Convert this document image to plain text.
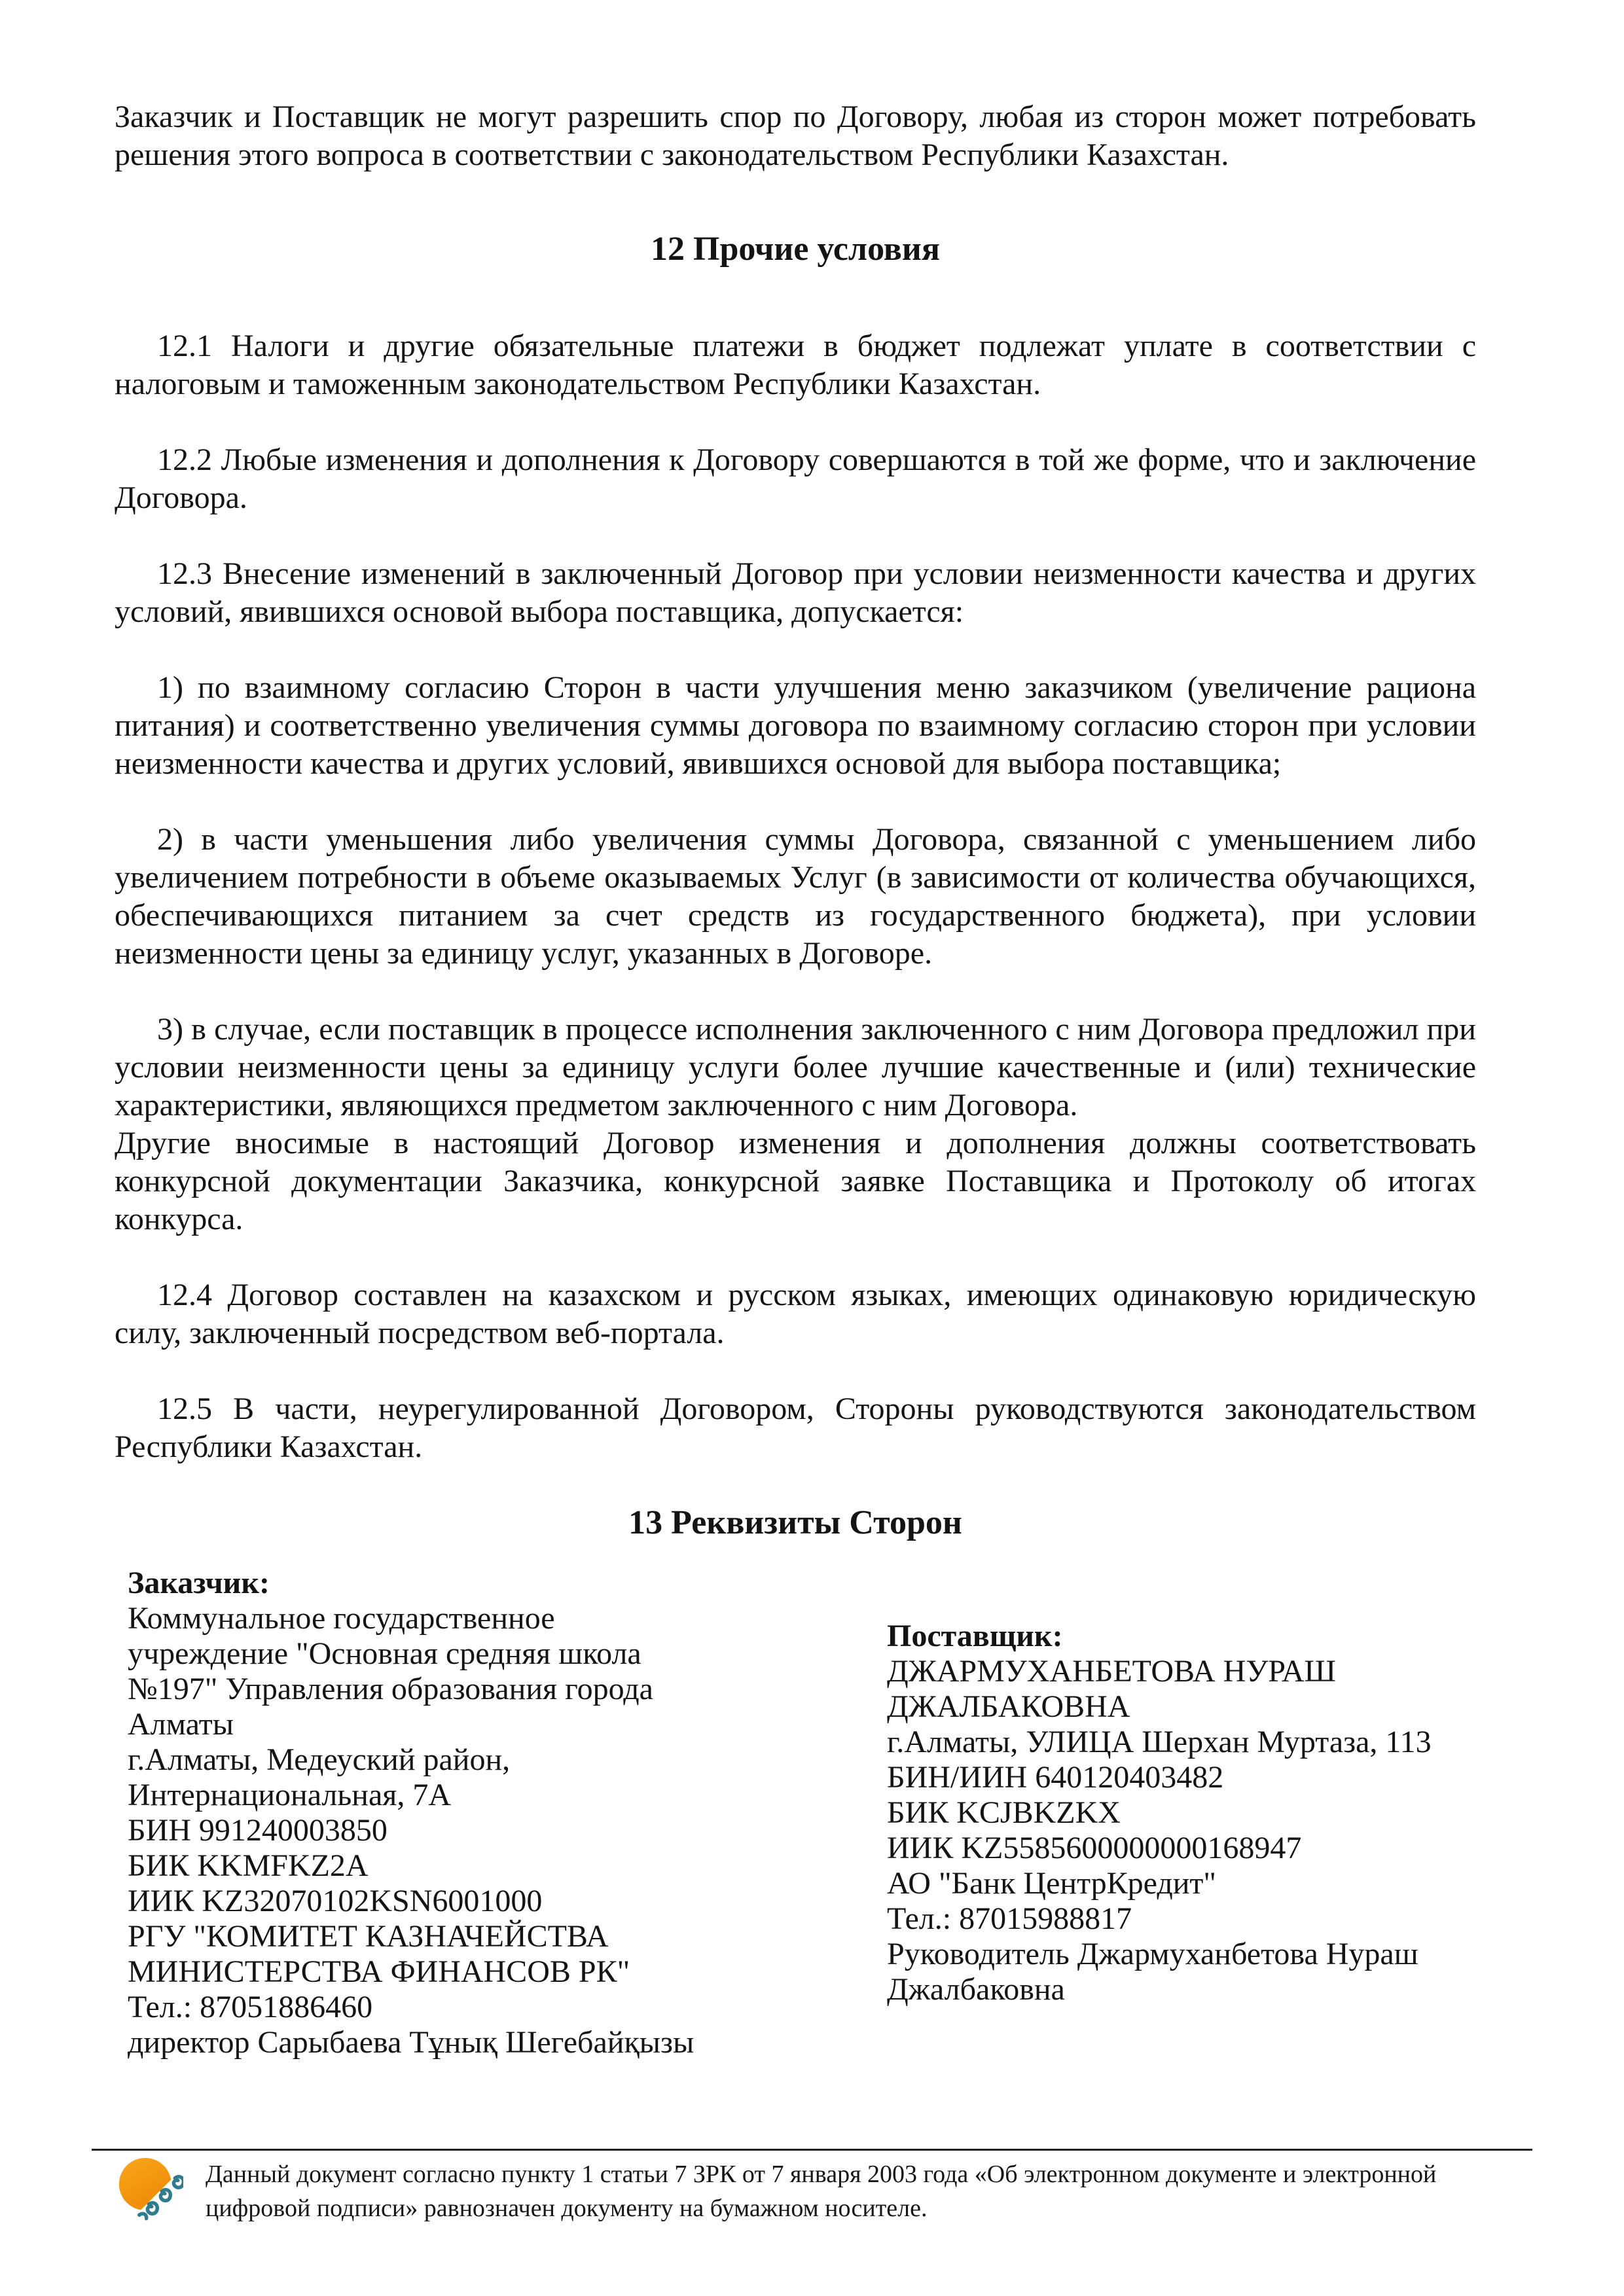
Заказчик и Поставщик не могут разрешить спор по Договору, любая из сторон может потребовать решения этого вопроса в соответствии с законодательством Республики Казахстан.

12 Прочие условия

12.1 Налоги и другие обязательные платежи в бюджет подлежат уплате в соответствии с налоговым и таможенным законодательством Республики Казахстан.

12.2 Любые изменения и дополнения к Договору совершаются в той же форме, что и заключение Договора.

12.3 Внесение изменений в заключенный Договор при условии неизменности качества и других условий, явившихся основой выбора поставщика, допускается:

1) по взаимному согласию Сторон в части улучшения меню заказчиком (увеличение рациона питания) и соответственно увеличения суммы договора по взаимному согласию сторон при условии неизменности качества и других условий, явившихся основой для выбора поставщика;

2) в части уменьшения либо увеличения суммы Договора, связанной с уменьшением либо увеличением потребности в объеме оказываемых Услуг (в зависимости от количества обучающихся, обеспечивающихся питанием за счет средств из государственного бюджета), при условии неизменности цены за единицу услуг, указанных в Договоре.

3) в случае, если поставщик в процессе исполнения заключенного с ним Договора предложил при условии неизменности цены за единицу услуги более лучшие качественные и (или) технические характеристики, являющихся предметом заключенного с ним Договора.

Другие вносимые в настоящий Договор изменения и дополнения должны соответствовать конкурсной документации Заказчика, конкурсной заявке Поставщика и Протоколу об итогах конкурса.

12.4 Договор составлен на казахском и русском языках, имеющих одинаковую юридическую силу, заключенный посредством веб-портала.

12.5 В части, неурегулированной Договором, Стороны руководствуются законодательством Республики Казахстан.

13 Реквизиты Сторон
Заказчик:
Коммунальное государственное
учреждение "Основная средняя школа
№197" Управления образования города
Алматы
г.Алматы, Медеуский район,
Интернациональная, 7А
БИН 991240003850
БИК KKMFKZ2A
ИИК KZ32070102KSN6001000
РГУ "КОМИТЕТ КАЗНАЧЕЙСТВА
МИНИСТЕРСТВА ФИНАНСОВ РК"
Тел.: 87051886460
директор Сарыбаева Тұнық Шегебайқызы
Поставщик:
ДЖАРМУХАНБЕТОВА НУРАШ
ДЖАЛБАКОВНА
г.Алматы, УЛИЦА Шерхан Муртаза, 113
БИН/ИИН 640120403482
БИК KCJBKZKX
ИИК KZ5585600000000168947
АО "Банк ЦентрКредит"
Тел.: 87015988817
Руководитель Джармуханбетова Нураш
Джалбаковна
Данный документ согласно пункту 1 статьи 7 ЗРК от 7 января 2003 года «Об электронном документе и электронной цифровой подписи» равнозначен документу на бумажном носителе.
